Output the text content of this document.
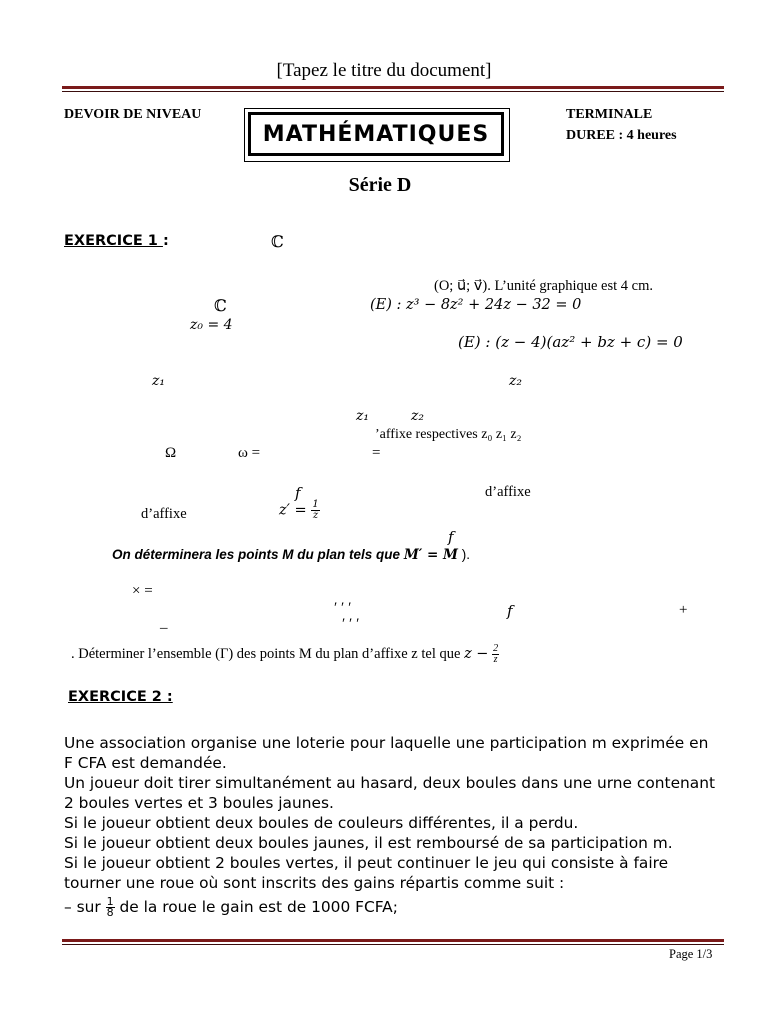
[Tapez le titre du document]
DEVOIR DE NIVEAU
MATHÉMATIQUES
TERMINALE
DUREE : 4 heures
Série D
EXERCICE 1 :	ℂ
(O; u⃗; v⃗). L’unité graphique est 4 cm.
ℂ	(E) : z³ − 8z² + 24z − 32 = 0
z₀ = 4
(E) : (z − 4)(az² + bz + c) = 0
z₁	z₂
z₁	z₂
’affixe respectives z₀ z₁ z₂
Ω	ω =	=
f	d’affixe
d’affixe	$z' = \frac{1}{z̄}$
f
On déterminera les points M du plan tels que M′ = M ).
× =
′ ′ ′	f	+
–	′ ′ ′
. Déterminer l’ensemble (Γ) des points M du plan d’affixe z tel que $z - \frac{2}{z}$
EXERCICE 2 :
Une association organise une loterie pour laquelle une participation m exprimée en
F CFA est demandée.
Un joueur doit tirer simultanément au hasard, deux boules dans une urne contenant
2 boules vertes et 3 boules jaunes.
Si le joueur obtient deux boules de couleurs différentes, il a perdu.
Si le joueur obtient deux boules jaunes, il est remboursé de sa participation m.
Si le joueur obtient 2 boules vertes, il peut continuer le jeu qui consiste à faire
tourner une roue où sont inscrits des gains répartis comme suit :
– sur $\frac{1}{8}$ de la roue le gain est de 1000 FCFA;
Page 1/3
